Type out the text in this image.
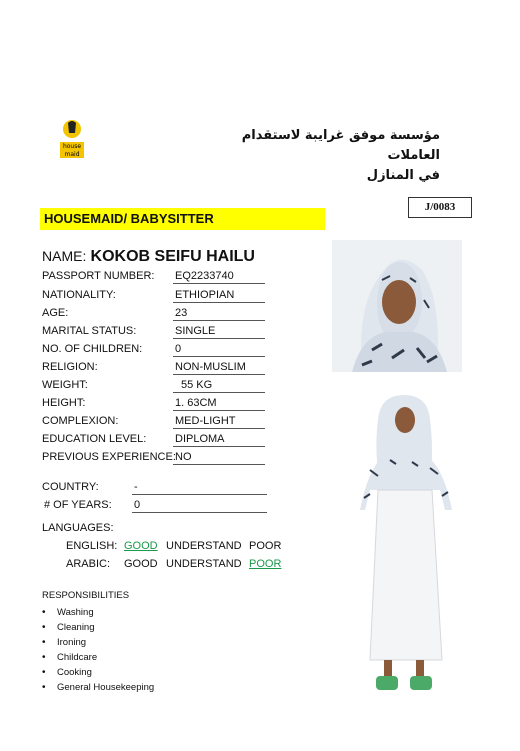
house
maid
مؤسسة موفق غرايبة لاستقدام العاملات
في المنازل
J/0083
HOUSEMAID/ BABYSITTER
NAME: KOKOB SEIFU HAILU
PASSPORT NUMBER: EQ2233740
NATIONALITY:	ETHIOPIAN
AGE:	23
MARITAL STATUS:	SINGLE
NO. OF CHILDREN:	0
RELIGION:	NON-MUSLIM
WEIGHT:	55 KG
HEIGHT:	1. 63CM
COMPLEXION:	MED-LIGHT
EDUCATION LEVEL:	DIPLOMA
PREVIOUS EXPERIENCE: NO
COUNTRY:	-
# OF YEARS: 0
LANGUAGES:
ENGLISH: GOOD UNDERSTAND POOR
ARABIC: GOOD UNDERSTAND POOR
RESPONSIBILITIES
• Washing
• Cleaning
• Ironing
• Childcare
• Cooking
• General Housekeeping
